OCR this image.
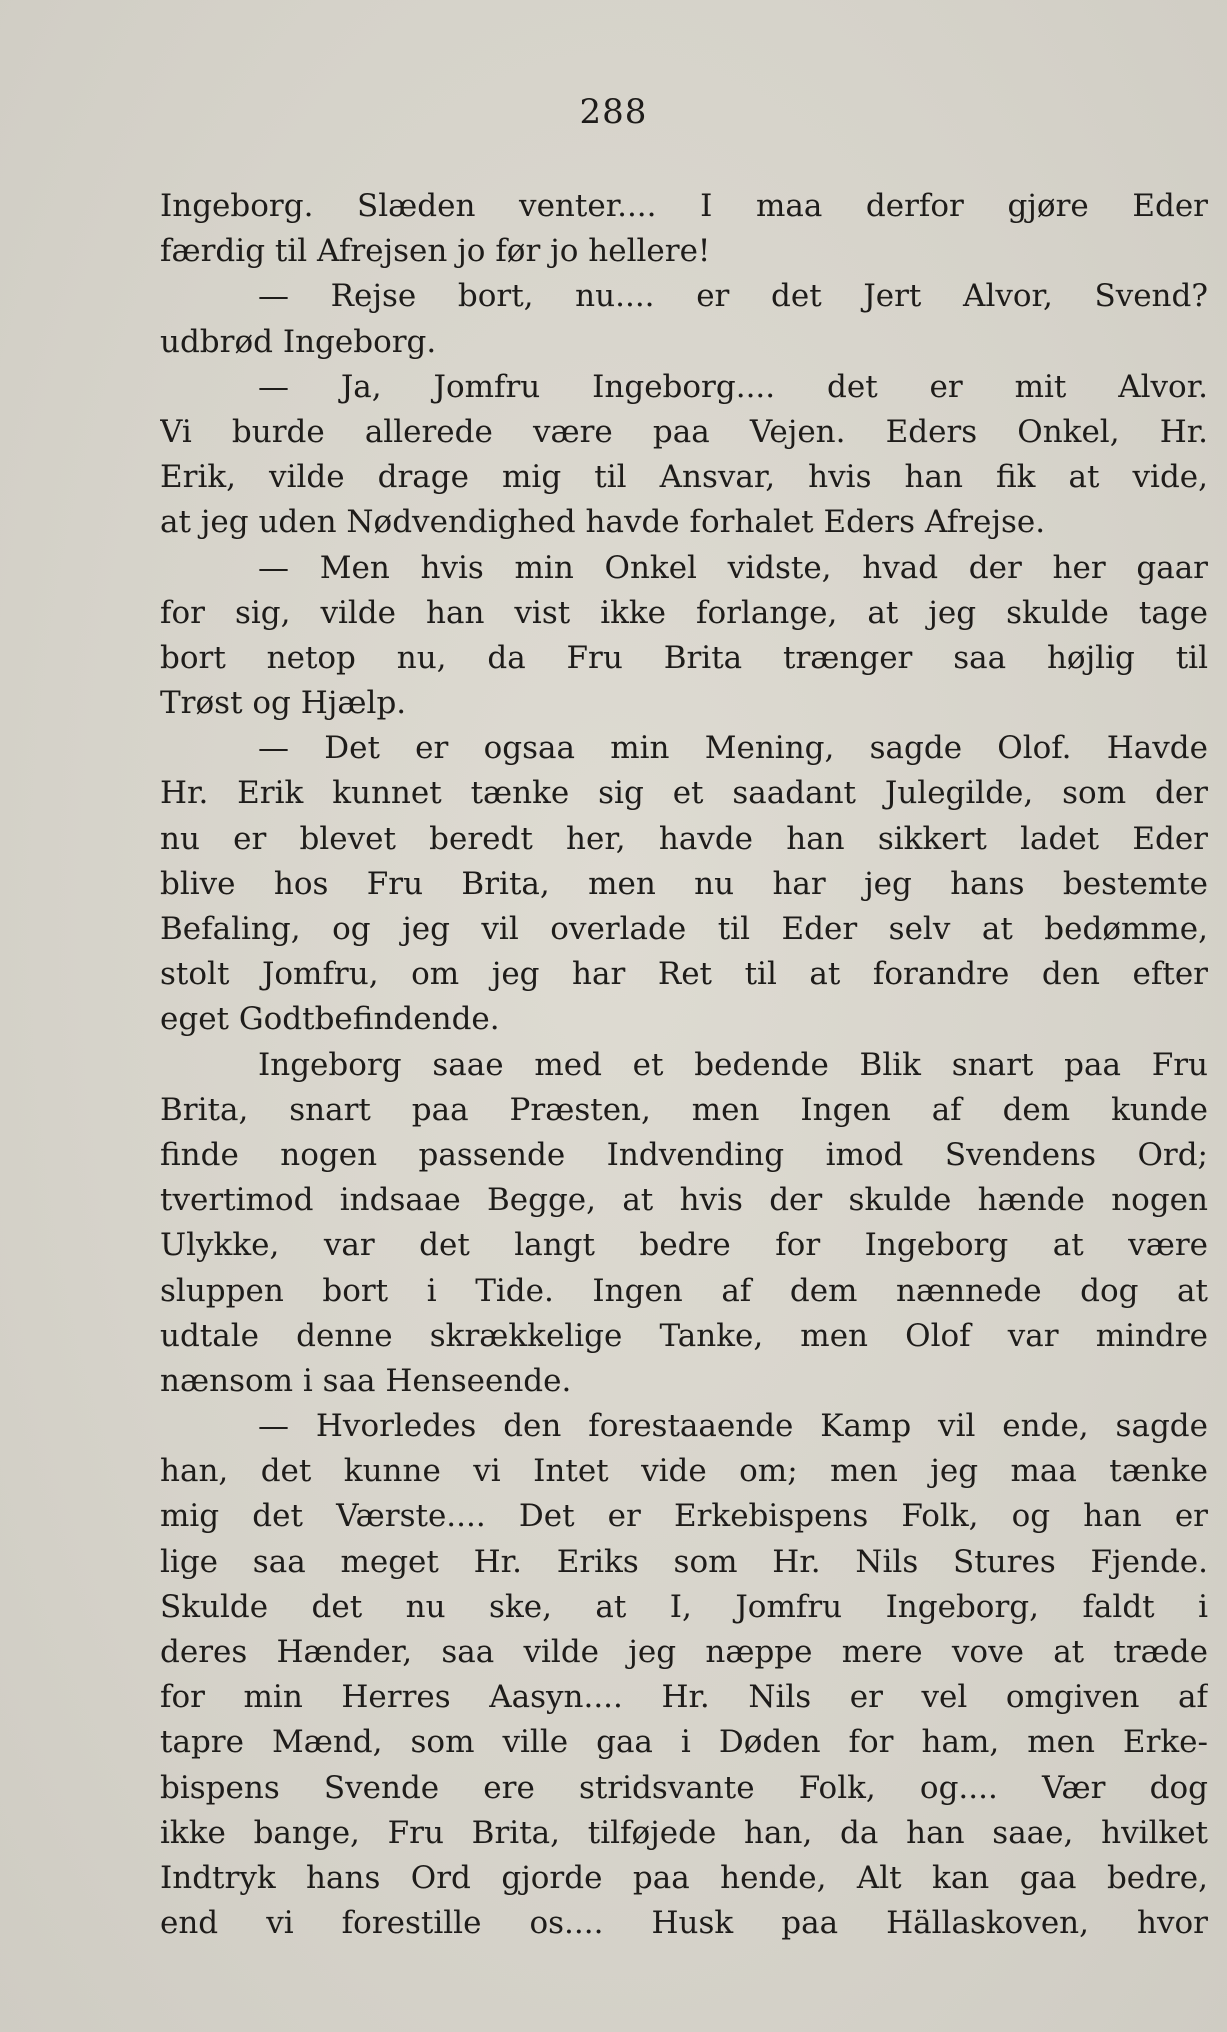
288
Ingeborg. Slæden venter.... I maa derfor gjøre Eder
færdig til Afrejsen jo før jo hellere!
— Rejse bort, nu.... er det Jert Alvor, Svend?
udbrød Ingeborg.
— Ja, Jomfru Ingeborg.... det er mit Alvor.
Vi burde allerede være paa Vejen. Eders Onkel, Hr.
Erik, vilde drage mig til Ansvar, hvis han fik at vide,
at jeg uden Nødvendighed havde forhalet Eders Afrejse.
— Men hvis min Onkel vidste, hvad der her gaar
for sig, vilde han vist ikke forlange, at jeg skulde tage
bort netop nu, da Fru Brita trænger saa højlig til
Trøst og Hjælp.
— Det er ogsaa min Mening, sagde Olof. Havde
Hr. Erik kunnet tænke sig et saadant Julegilde, som der
nu er blevet beredt her, havde han sikkert ladet Eder
blive hos Fru Brita, men nu har jeg hans bestemte
Befaling, og jeg vil overlade til Eder selv at bedømme,
stolt Jomfru, om jeg har Ret til at forandre den efter
eget Godtbefindende.
Ingeborg saae med et bedende Blik snart paa Fru
Brita, snart paa Præsten, men Ingen af dem kunde
finde nogen passende Indvending imod Svendens Ord;
tvertimod indsaae Begge, at hvis der skulde hænde nogen
Ulykke, var det langt bedre for Ingeborg at være
sluppen bort i Tide. Ingen af dem nænnede dog at
udtale denne skrækkelige Tanke, men Olof var mindre
nænsom i saa Henseende.
— Hvorledes den forestaaende Kamp vil ende, sagde
han, det kunne vi Intet vide om; men jeg maa tænke
mig det Værste.... Det er Erkebispens Folk, og han er
lige saa meget Hr. Eriks som Hr. Nils Stures Fjende.
Skulde det nu ske, at I, Jomfru Ingeborg, faldt i
deres Hænder, saa vilde jeg næppe mere vove at træde
for min Herres Aasyn.... Hr. Nils er vel omgiven af
tapre Mænd, som ville gaa i Døden for ham, men Erke-
bispens Svende ere stridsvante Folk, og.... Vær dog
ikke bange, Fru Brita, tilføjede han, da han saae, hvilket
Indtryk hans Ord gjorde paa hende, Alt kan gaa bedre,
end vi forestille os.... Husk paa Hällaskoven, hvor
